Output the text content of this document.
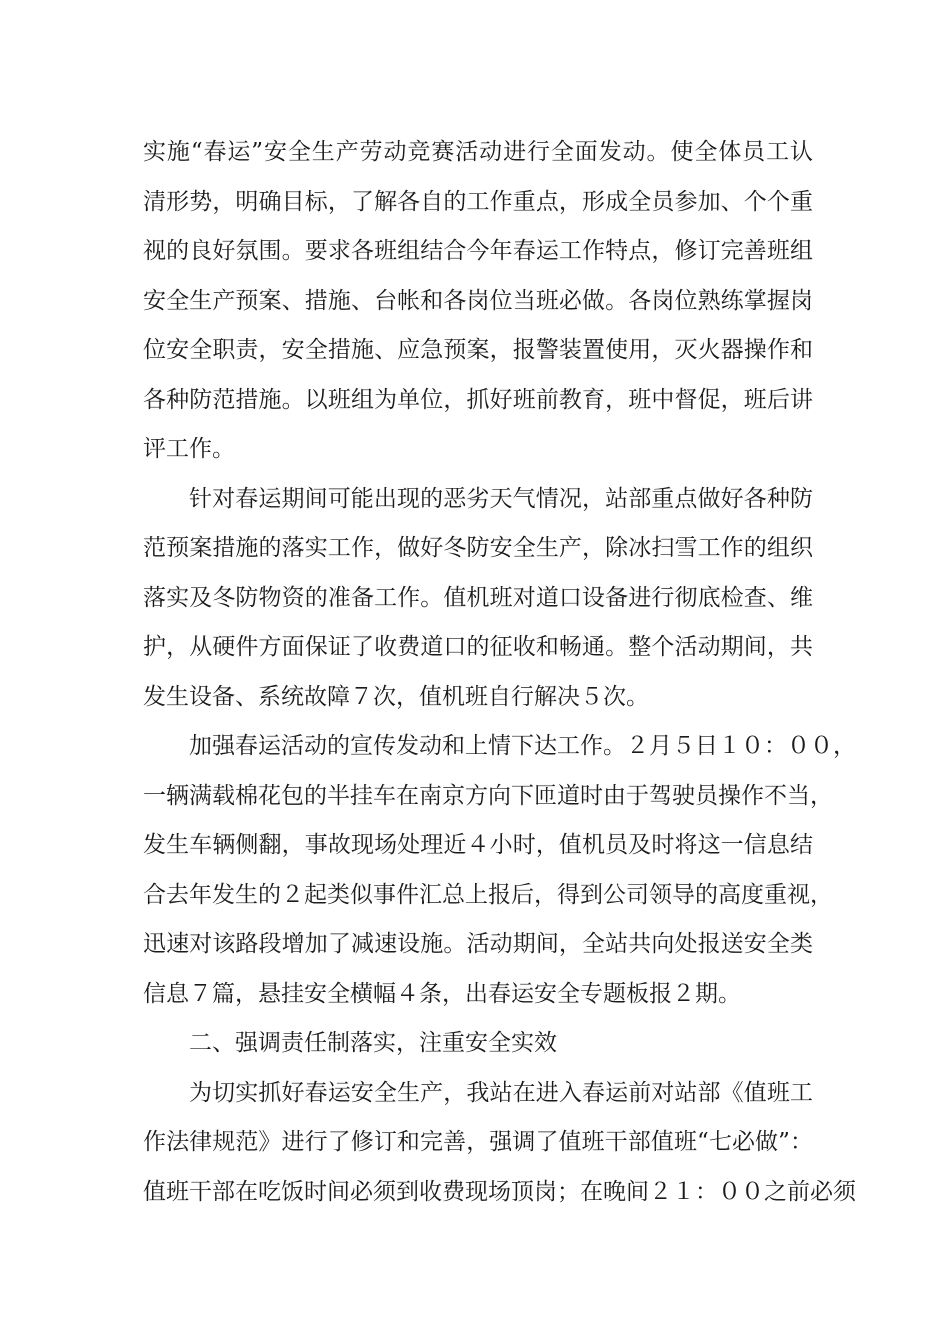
实施“春运”安全生产劳动竞赛活动进行全面发动。使全体员工认
清形势，明确目标，了解各自的工作重点，形成全员参加、个个重
视的良好氛围。要求各班组结合今年春运工作特点，修订完善班组
安全生产预案、措施、台帐和各岗位当班必做。各岗位熟练掌握岗
位安全职责，安全措施、应急预案，报警装置使用，灭火器操作和
各种防范措施。以班组为单位，抓好班前教育，班中督促，班后讲
评工作。
针对春运期间可能出现的恶劣天气情况，站部重点做好各种防
范预案措施的落实工作，做好冬防安全生产，除冰扫雪工作的组织
落实及冬防物资的准备工作。值机班对道口设备进行彻底检查、维
护，从硬件方面保证了收费道口的征收和畅通。整个活动期间，共
发生设备、系统故障７次，值机班自行解决５次。
加强春运活动的宣传发动和上情下达工作。２月５日１０：００，
一辆满载棉花包的半挂车在南京方向下匝道时由于驾驶员操作不当，
发生车辆侧翻，事故现场处理近４小时，值机员及时将这一信息结
合去年发生的２起类似事件汇总上报后，得到公司领导的高度重视，
迅速对该路段增加了减速设施。活动期间，全站共向处报送安全类
信息７篇，悬挂安全横幅４条，出春运安全专题板报２期。
二、强调责任制落实，注重安全实效
为切实抓好春运安全生产，我站在进入春运前对站部《值班工
作法律规范》进行了修订和完善，强调了值班干部值班“七必做”：
值班干部在吃饭时间必须到收费现场顶岗；在晚间２１：００之前必须
